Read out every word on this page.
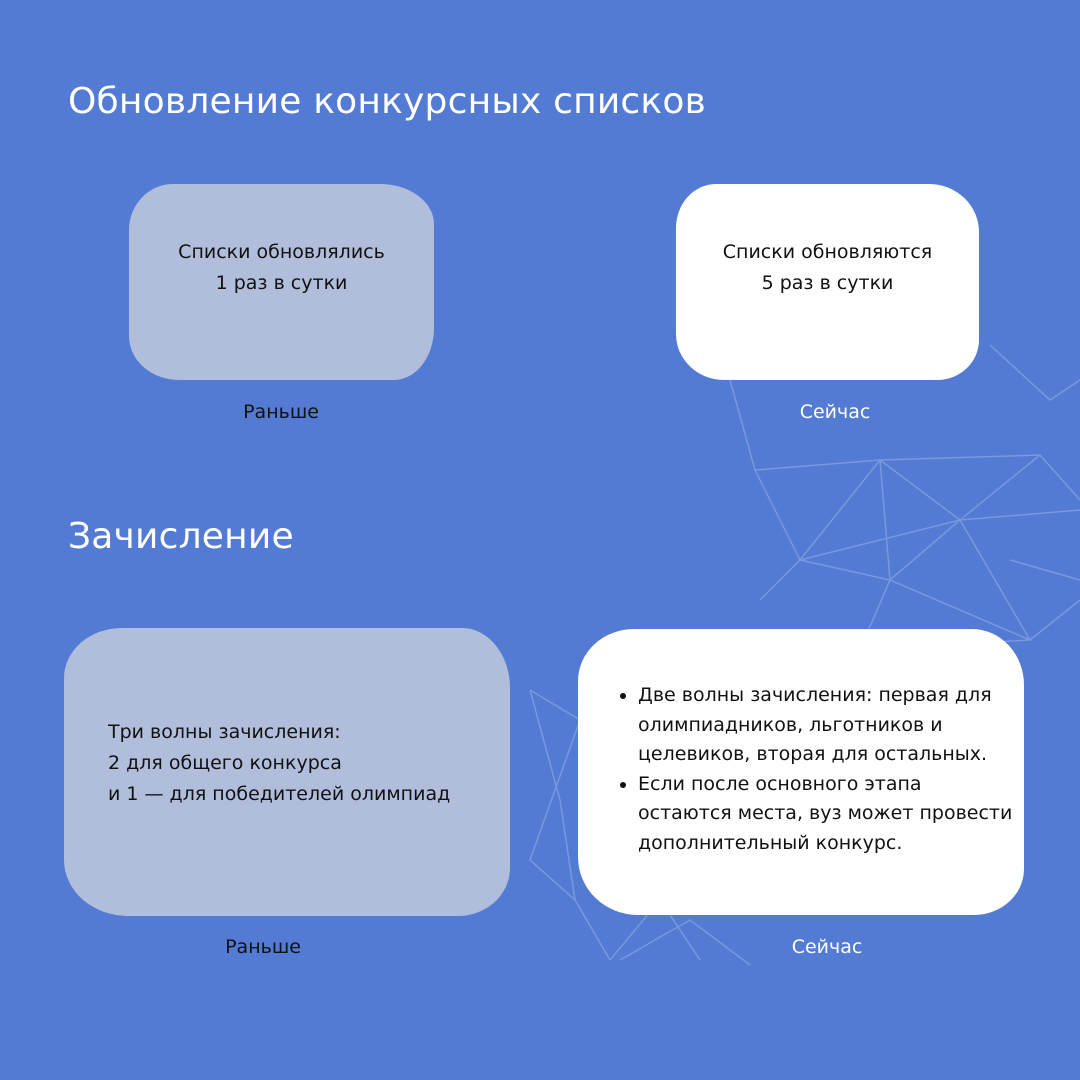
Обновление конкурсных списков
Списки обновлялись
1 раз в сутки
Раньше
Списки обновляются
5 раз в сутки
Сейчас
Зачисление
Три волны зачисления:
2 для общего конкурса
и 1 — для победителей олимпиад
Раньше
Две волны зачисления: первая для
олимпиадников, льготников и
целевиков, вторая для остальных.
Если после основного этапа
остаются места, вуз может провести
дополнительный конкурс.
Сейчас
